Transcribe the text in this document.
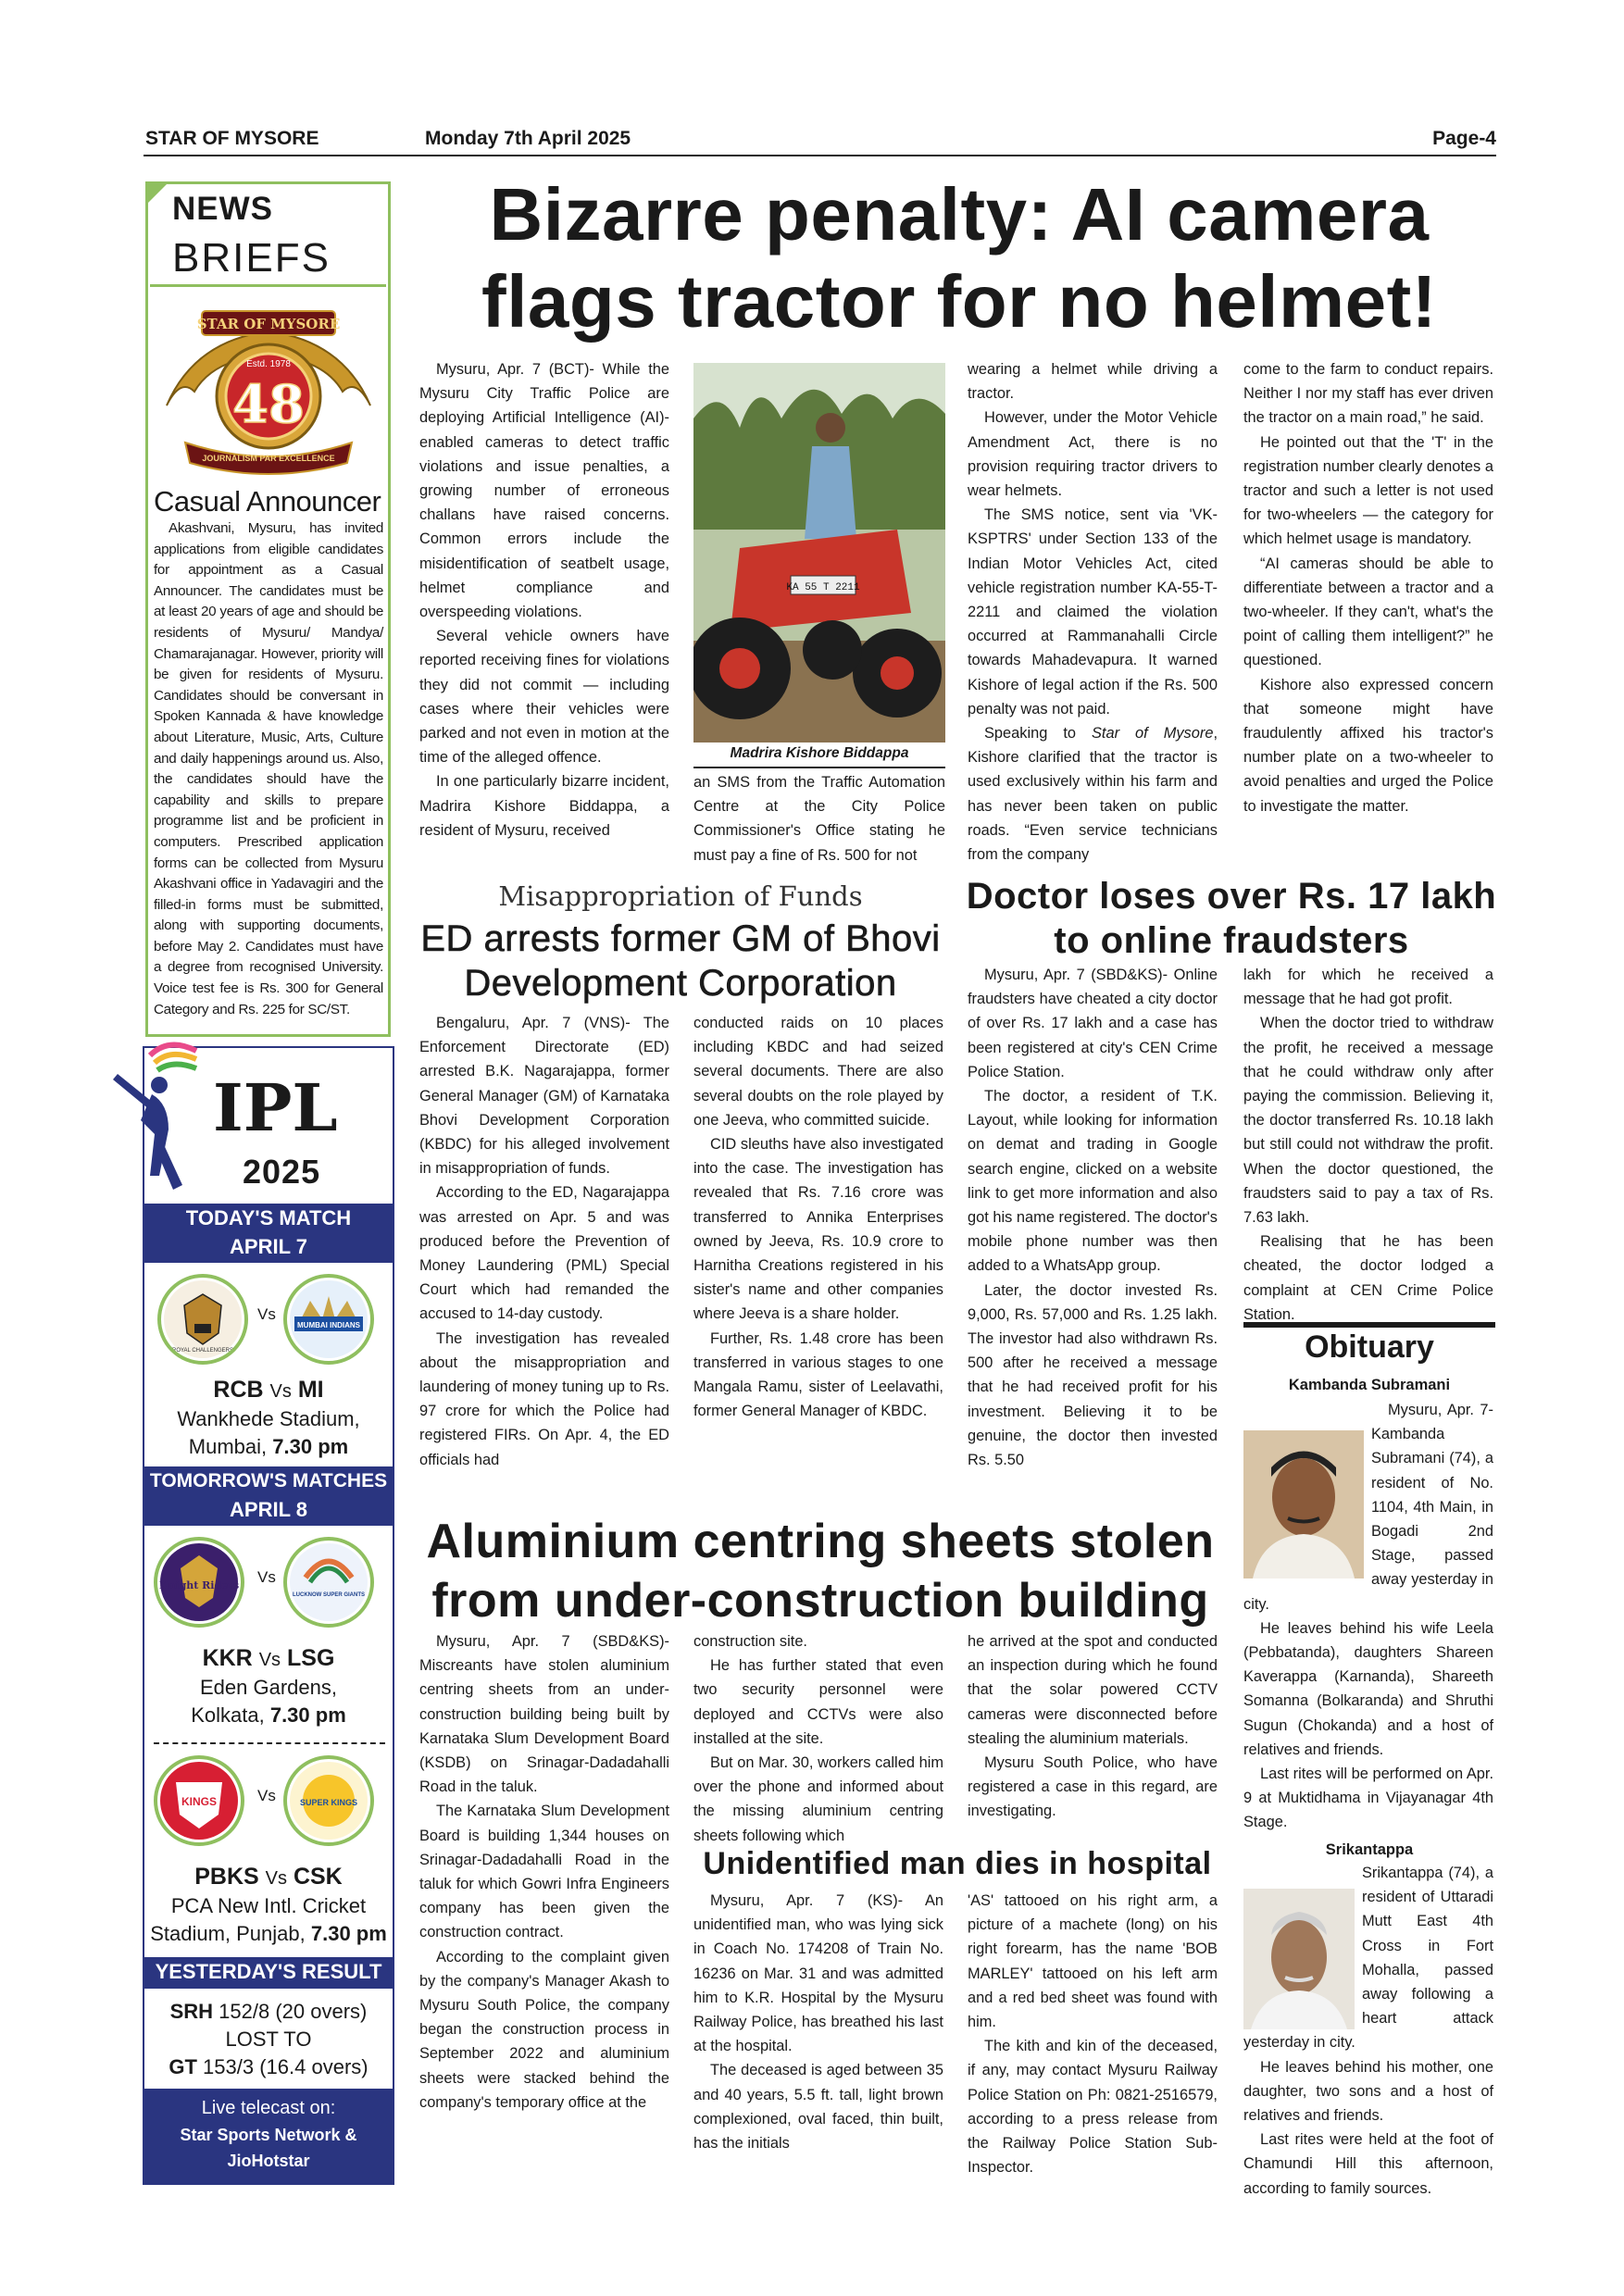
STAR OF MYSORE	Monday 7th April 2025	Page-4
NEWS
BRIEFS
STAR OF MYSORE
Estd. 1978
48
JOURNALISM PAR EXCELLENCE
Casual Announcer
Akashvani, Mysuru, has invited applications from eligible candidates for appointment as a Casual Announcer. The candidates must be at least 20 years of age and should be residents of Mysuru/ Mandya/ Chamarajanagar. However, priority will be given for residents of Mysuru. Candidates should be conversant in Spoken Kannada & have knowledge about Literature, Music, Arts, Culture and daily happenings around us. Also, the candidates should have the capability and skills to prepare programme list and be proficient in computers. Prescribed application forms can be collected from Mysuru Akashvani office in Yadavagiri and the filled-in forms must be submitted, along with supporting documents, before May 2. Candidates must have a degree from recognised University. Voice test fee is Rs. 300 for General Category and Rs. 225 for SC/ST.
IPL
2025
TODAY'S MATCH
APRIL 7
ROYAL CHALLENGERS
Vs
MUMBAI INDIANS
RCB Vs MI
Wankhede Stadium,
Mumbai, 7.30 pm
TOMORROW'S MATCHES
APRIL 8
Knight Riders Vs
LUCKNOW SUPER GIANTS
KKR Vs LSG
Eden Gardens,
Kolkata, 7.30 pm
KINGS	Vs	SUPER KINGS
PBKS Vs CSK
PCA New Intl. Cricket
Stadium, Punjab, 7.30 pm
YESTERDAY'S RESULT
SRH 152/8 (20 overs)
LOST TO
GT 153/3 (16.4 overs)
Live telecast on:
Star Sports Network & JioHotstar
Bizarre penalty: AI camera
flags tractor for no helmet!

Mysuru, Apr. 7 (BCT)- While the Mysuru City Traffic Police are deploying Artificial Intelligence (AI)-enabled cameras to detect traffic violations and issue penalties, a growing number of erroneous challans have raised concerns. Common errors include the misidentification of seatbelt usage, helmet compliance and overspeeding violations.

Several vehicle owners have reported receiving fines for violations they did not commit — including cases where their vehicles were parked and not even in motion at the time of the alleged offence.

In one particularly bizarre incident, Madrira Kishore Biddappa, a resident of Mysuru, received

KA 55 T 2211
Madrira Kishore Biddappa

an SMS from the Traffic Automation Centre at the City Police Commissioner's Office stating he must pay a fine of Rs. 500 for not

wearing a helmet while driving a tractor.

However, under the Motor Vehicle Amendment Act, there is no provision requiring tractor drivers to wear helmets.

The SMS notice, sent via 'VK-KSPTRS' under Section 133 of the Indian Motor Vehicles Act, cited vehicle registration number KA-55-T-2211 and claimed the violation occurred at Rammanahalli Circle towards Mahadevapura. It warned Kishore of legal action if the Rs. 500 penalty was not paid.

Speaking to Star of Mysore, Kishore clarified that the tractor is used exclusively within his farm and has never been taken on public roads. “Even service technicians from the company

come to the farm to conduct repairs. Neither I nor my staff has ever driven the tractor on a main road,” he said.

He pointed out that the 'T' in the registration number clearly denotes a tractor and such a letter is not used for two-wheelers — the category for which helmet usage is mandatory.

“AI cameras should be able to differentiate between a tractor and a two-wheeler. If they can't, what's the point of calling them intelligent?” he questioned.

Kishore also expressed concern that someone might have fraudulently affixed his tractor's number plate on a two-wheeler to avoid penalties and urged the Police to investigate the matter.

Misappropriation of Funds
ED arrests former GM of Bhovi
Development Corporation

Bengaluru, Apr. 7 (VNS)- The Enforcement Directorate (ED) arrested B.K. Nagarajappa, former General Manager (GM) of Karnataka Bhovi Development Corporation (KBDC) for his alleged involvement in misappropriation of funds.

According to the ED, Nagarajappa was arrested on Apr. 5 and was produced before the Prevention of Money Laundering (PML) Special Court which had remanded the accused to 14-day custody.

The investigation has revealed about the misappropriation and laundering of money tuning up to Rs. 97 crore for which the Police had registered FIRs. On Apr. 4, the ED officials had

conducted raids on 10 places including KBDC and had seized several documents. There are also several doubts on the role played by one Jeeva, who committed suicide.

CID sleuths have also investigated into the case. The investigation has revealed that Rs. 7.16 crore was transferred to Annika Enterprises owned by Jeeva, Rs. 10.9 crore to Harnitha Creations registered in his sister's name and other companies where Jeeva is a share holder.

Further, Rs. 1.48 crore has been transferred in various stages to one Mangala Ramu, sister of Leelavathi, former General Manager of KBDC.

Doctor loses over Rs. 17 lakh
to online fraudsters

Mysuru, Apr. 7 (SBD&KS)- Online fraudsters have cheated a city doctor of over Rs. 17 lakh and a case has been registered at city's CEN Crime Police Station.

The doctor, a resident of T.K. Layout, while looking for information on demat and trading in Google search engine, clicked on a website link to get more information and also got his name registered. The doctor's mobile phone number was then added to a WhatsApp group.

Later, the doctor invested Rs. 9,000, Rs. 57,000 and Rs. 1.25 lakh. The investor had also withdrawn Rs. 500 after he received a message that he had received profit for his investment. Believing it to be genuine, the doctor then invested Rs. 5.50

lakh for which he received a message that he had got profit.

When the doctor tried to withdraw the profit, he received a message that he could withdraw only after paying the commission. Believing it, the doctor transferred Rs. 10.18 lakh but still could not withdraw the profit. When the doctor questioned, the fraudsters said to pay a tax of Rs. 7.63 lakh.

Realising that he has been cheated, the doctor lodged a complaint at CEN Crime Police Station.

Obituary
Kambanda Subramani

Mysuru, Apr. 7- Kambanda Subramani (74), a resident of No. 1104, 4th Main, in Bogadi 2nd Stage, passed away yesterday in city.

He leaves behind his wife Leela (Pebbatanda), daughters Shareen Kaverappa (Karnanda), Shareeth Somanna (Bolkaranda) and Shruthi Sugun (Chokanda) and a host of relatives and friends.

Last rites will be performed on Apr. 9 at Muktidhama in Vijayanagar 4th Stage.

Srikantappa

Srikantappa (74), a resident of Uttaradi Mutt East 4th Cross in Fort Mohalla, passed away following a heart attack yesterday in city.

He leaves behind his mother, one daughter, two sons and a host of relatives and friends.

Last rites were held at the foot of Chamundi Hill this afternoon, according to family sources.

Aluminium centring sheets stolen
from under-construction building

Mysuru, Apr. 7 (SBD&KS)- Miscreants have stolen aluminium centring sheets from an under-construction building being built by Karnataka Slum Development Board (KSDB) on Srinagar-Dadadahalli Road in the taluk.

The Karnataka Slum Development Board is building 1,344 houses on Srinagar-Dadadahalli Road in the taluk for which Gowri Infra Engineers company has been given the construction contract.

According to the complaint given by the company's Manager Akash to Mysuru South Police, the company began the construction process in September 2022 and aluminium sheets were stacked behind the company's temporary office at the

construction site.

He has further stated that even two security personnel were deployed and CCTVs were also installed at the site.

But on Mar. 30, workers called him over the phone and informed about the missing aluminium centring sheets following which

he arrived at the spot and conducted an inspection during which he found that the solar powered CCTV cameras were disconnected before stealing the aluminium materials.

Mysuru South Police, who have registered a case in this regard, are investigating.

Unidentified man dies in hospital

Mysuru, Apr. 7 (KS)- An unidentified man, who was lying sick in Coach No. 174208 of Train No. 16236 on Mar. 31 and was admitted him to K.R. Hospital by the Mysuru Railway Police, has breathed his last at the hospital.

The deceased is aged between 35 and 40 years, 5.5 ft. tall, light brown complexioned, oval faced, thin built, has the initials

'AS' tattooed on his right arm, a picture of a machete (long) on his right forearm, has the name 'BOB MARLEY' tattooed on his left arm and a red bed sheet was found with him.

The kith and kin of the deceased, if any, may contact Mysuru Railway Police Station on Ph: 0821-2516579, according to a press release from the Railway Police Station Sub-Inspector.
